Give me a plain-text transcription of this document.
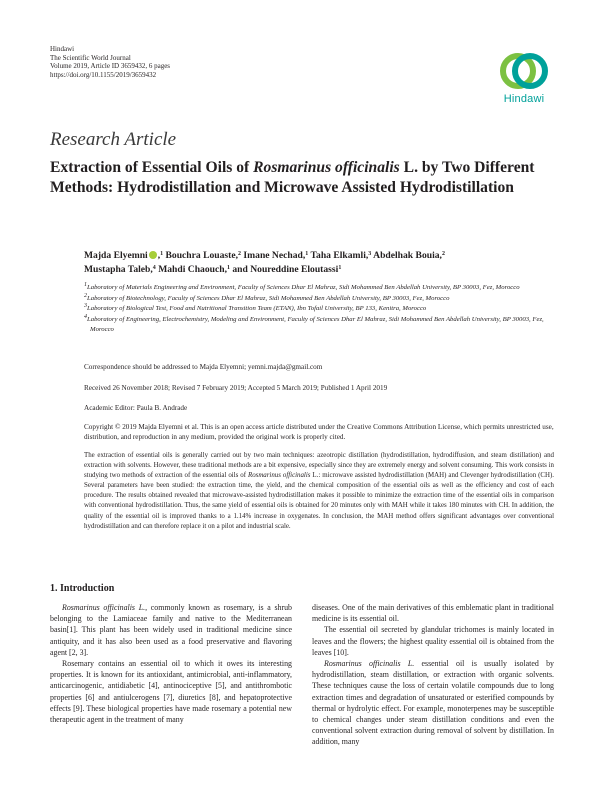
Hindawi
The Scientific World Journal
Volume 2019, Article ID 3659432, 6 pages
https://doi.org/10.1155/2019/3659432
Hindawi
Research Article
Extraction of Essential Oils of Rosmarinus officinalis L. by Two Different Methods: Hydrodistillation and Microwave Assisted Hydrodistillation
Majda Elyemni ,$^1$ Bouchra Louaste,$^2$ Imane Nechad,$^1$ Taha Elkamli,$^3$ Abdelhak Bouia,$^2$
Mustapha Taleb,$^4$ Mahdi Chaouch,$^1$ and Noureddine Eloutassi$^1$

$^1$Laboratory of Materials Engineering and Environment, Faculty of Sciences Dhar El Mahraz, Sidi Mohammed Ben Abdellah University, BP 30003, Fez, Morocco

$^2$Laboratory of Biotechnology, Faculty of Sciences Dhar El Mahraz, Sidi Mohammed Ben Abdellah University, BP 30003, Fez, Morocco

$^3$Laboratory of Biological Test, Food and Nutritional Transition Team (ETAN), Ibn Tofail University, BP 133, Kenitra, Morocco

$^4$Laboratory of Engineering, Electrochemistry, Modeling and Environment, Faculty of Sciences Dhar El Mahraz, Sidi Mohammed Ben Abdellah University, BP 30003, Fez, Morocco

Correspondence should be addressed to Majda Elyemni; yemni.majda@gmail.com

Received 26 November 2018; Revised 7 February 2019; Accepted 5 March 2019; Published 1 April 2019

Academic Editor: Paula B. Andrade

Copyright © 2019 Majda Elyemni et al. This is an open access article distributed under the Creative Commons Attribution License, which permits unrestricted use, distribution, and reproduction in any medium, provided the original work is properly cited.

The extraction of essential oils is generally carried out by two main techniques: azeotropic distillation (hydrodistillation, hydrodiffusion, and steam distillation) and extraction with solvents. However, these traditional methods are a bit expensive, especially since they are extremely energy and solvent consuming. This work consists in studying two methods of extraction of the essential oils of Rosmarinus officinalis L.: microwave assisted hydrodistillation (MAH) and Clevenger hydrodistillation (CH). Several parameters have been studied: the extraction time, the yield, and the chemical composition of the essential oils as well as the efficiency and cost of each procedure. The results obtained revealed that microwave-assisted hydrodistillation makes it possible to minimize the extraction time of the essential oils in comparison with conventional hydrodistillation. Thus, the same yield of essential oils is obtained for 20 minutes only with MAH while it takes 180 minutes with CH. In addition, the quality of the essential oil is improved thanks to a 1.14% increase in oxygenates. In conclusion, the MAH method offers significant advantages over conventional hydrodistillation and can therefore replace it on a pilot and industrial scale.

1. Introduction

Rosmarinus officinalis L., commonly known as rosemary, is a shrub belonging to the Lamiaceae family and native to the Mediterranean basin[1]. This plant has been widely used in traditional medicine since antiquity, and it has also been used as a food preservative and flavoring agent [2, 3].

Rosemary contains an essential oil to which it owes its interesting properties. It is known for its antioxidant, antimicrobial, anti-inflammatory, anticarcinogenic, antidiabetic [4], antinociceptive [5], and antithrombotic properties [6] and antiulcerogens [7], diuretics [8], and hepatoprotective effects [9]. These biological properties have made rosemary a potential new therapeutic agent in the treatment of many

diseases. One of the main derivatives of this emblematic plant in traditional medicine is its essential oil.

The essential oil secreted by glandular trichomes is mainly located in leaves and the flowers; the highest quality essential oil is obtained from the leaves [10].

Rosmarinus officinalis L. essential oil is usually isolated by hydrodistillation, steam distillation, or extraction with organic solvents. These techniques cause the loss of certain volatile compounds due to long extraction times and degradation of unsaturated or esterified compounds by thermal or hydrolytic effect. For example, monoterpenes may be susceptible to chemical changes under steam distillation conditions and even the conventional solvent extraction during removal of solvent by distillation. In addition, many
